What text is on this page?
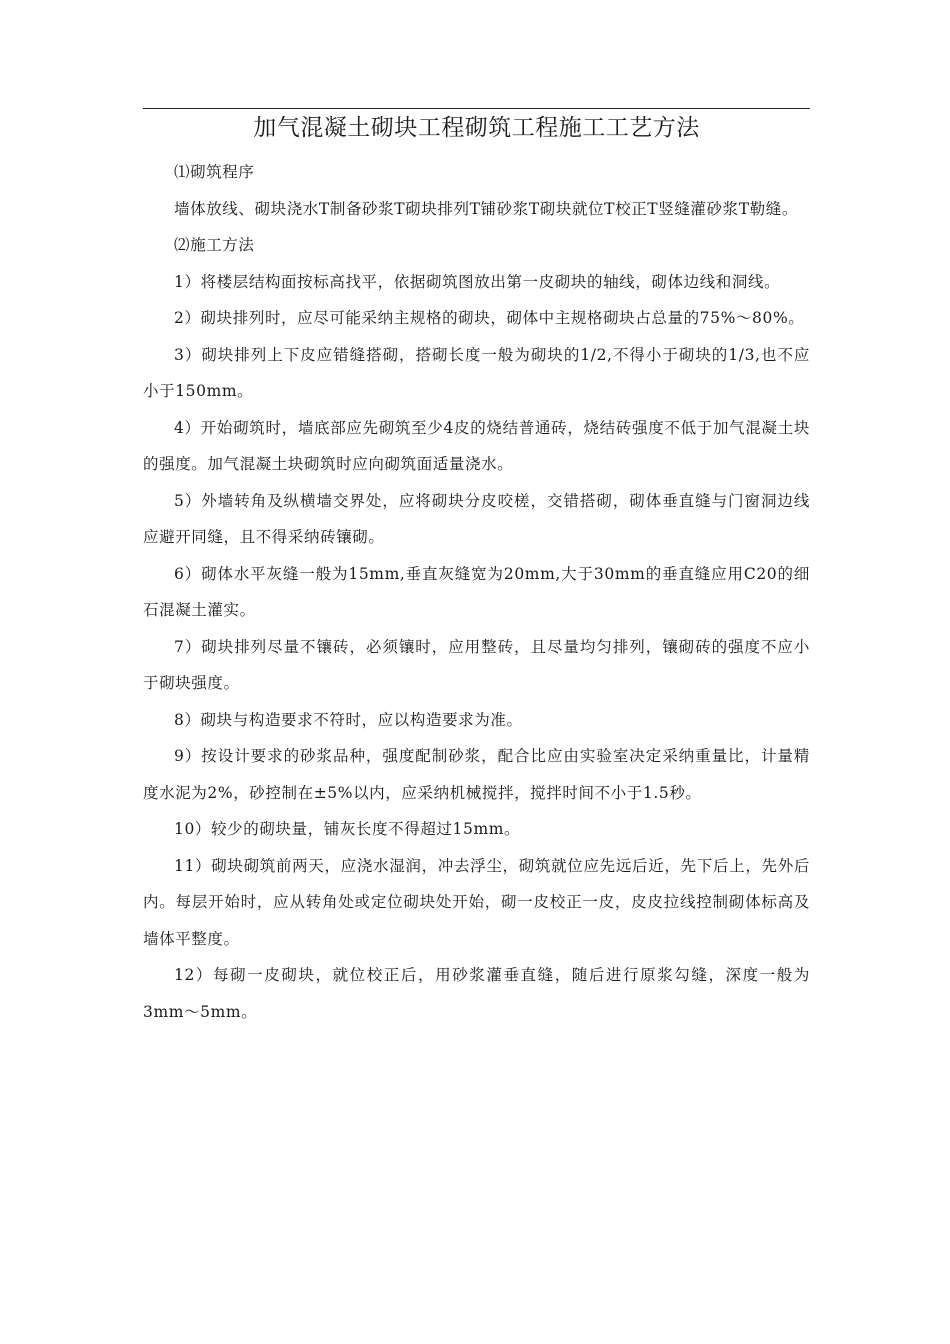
加气混凝土砌块工程砌筑工程施工工艺方法

⑴砌筑程序

墙体放线、砌块浇水T制备砂浆T砌块排列T铺砂浆T砌块就位T校正T竖缝灌砂浆T勒缝。

⑵施工方法

1）将楼层结构面按标高找平，依据砌筑图放出第一皮砌块的轴线，砌体边线和洞线。

2）砌块排列时，应尽可能采纳主规格的砌块，砌体中主规格砌块占总量的75%〜80%。

3）砌块排列上下皮应错缝搭砌，搭砌长度一般为砌块的1/2,不得小于砌块的1/3,也不应小于150mm。

4）开始砌筑时，墙底部应先砌筑至少4皮的烧结普通砖，烧结砖强度不低于加气混凝土块的强度。加气混凝土块砌筑时应向砌筑面适量浇水。

5）外墙转角及纵横墙交界处，应将砌块分皮咬槎，交错搭砌，砌体垂直缝与门窗洞边线应避开同缝，且不得采纳砖镶砌。

6）砌体水平灰缝一般为15mm,垂直灰缝宽为20mm,大于30mm的垂直缝应用C20的细石混凝土灌实。

7）砌块排列尽量不镶砖，必须镶时，应用整砖，且尽量均匀排列，镶砌砖的强度不应小于砌块强度。

8）砌块与构造要求不符时，应以构造要求为准。

9）按设计要求的砂浆品种，强度配制砂浆，配合比应由实验室决定采纳重量比，计量精度水泥为2%，砂控制在±5%以内，应采纳机械搅拌，搅拌时间不小于1.5秒。

10）较少的砌块量，铺灰长度不得超过15mm。

11）砌块砌筑前两天，应浇水湿润，冲去浮尘，砌筑就位应先远后近，先下后上，先外后内。每层开始时，应从转角处或定位砌块处开始，砌一皮校正一皮，皮皮拉线控制砌体标高及墙体平整度。

12）每砌一皮砌块，就位校正后，用砂浆灌垂直缝，随后进行原浆勾缝，深度一般为3mm〜5mm。
